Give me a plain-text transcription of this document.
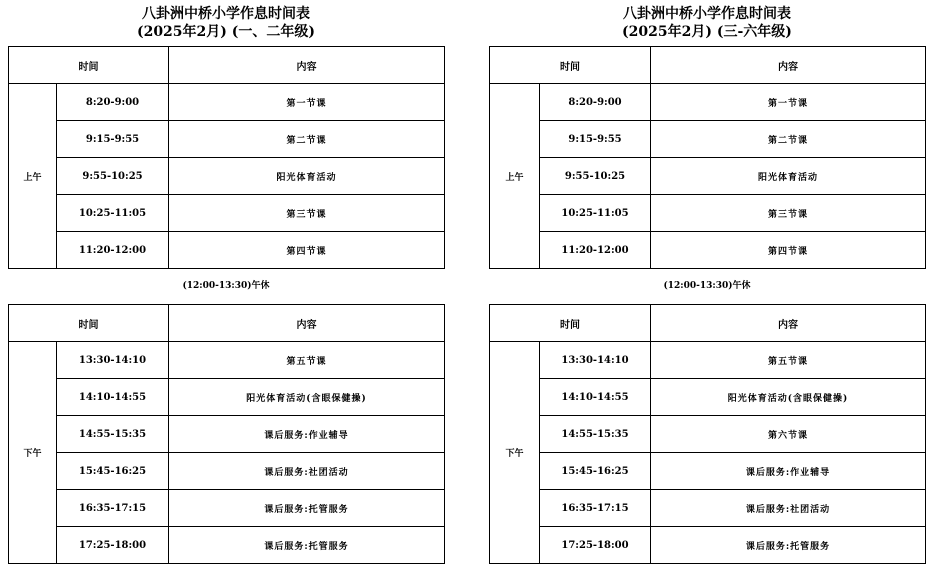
八卦洲中桥小学作息时间表
(2025年2月) (一、二年级)
时间		内容
上午	8:20-9:00	第一节课
	9:15-9:55	第二节课
	9:55-10:25	阳光体育活动
	10:25-11:05	第三节课
	11:20-12:00	第四节课
(12:00-13:30)午休
时间		内容
下午	13:30-14:10	第五节课
	14:10-14:55	阳光体育活动(含眼保健操)
	14:55-15:35	课后服务:作业辅导
	15:45-16:25	课后服务:社团活动
	16:35-17:15	课后服务:托管服务
	17:25-18:00	课后服务:托管服务
八卦洲中桥小学作息时间表
(2025年2月) (三-六年级)
时间		内容
上午	8:20-9:00	第一节课
	9:15-9:55	第二节课
	9:55-10:25	阳光体育活动
	10:25-11:05	第三节课
	11:20-12:00	第四节课
(12:00-13:30)午休
时间		内容
下午	13:30-14:10	第五节课
	14:10-14:55	阳光体育活动(含眼保健操)
	14:55-15:35	第六节课
	15:45-16:25	课后服务:作业辅导
	16:35-17:15	课后服务:社团活动
	17:25-18:00	课后服务:托管服务
